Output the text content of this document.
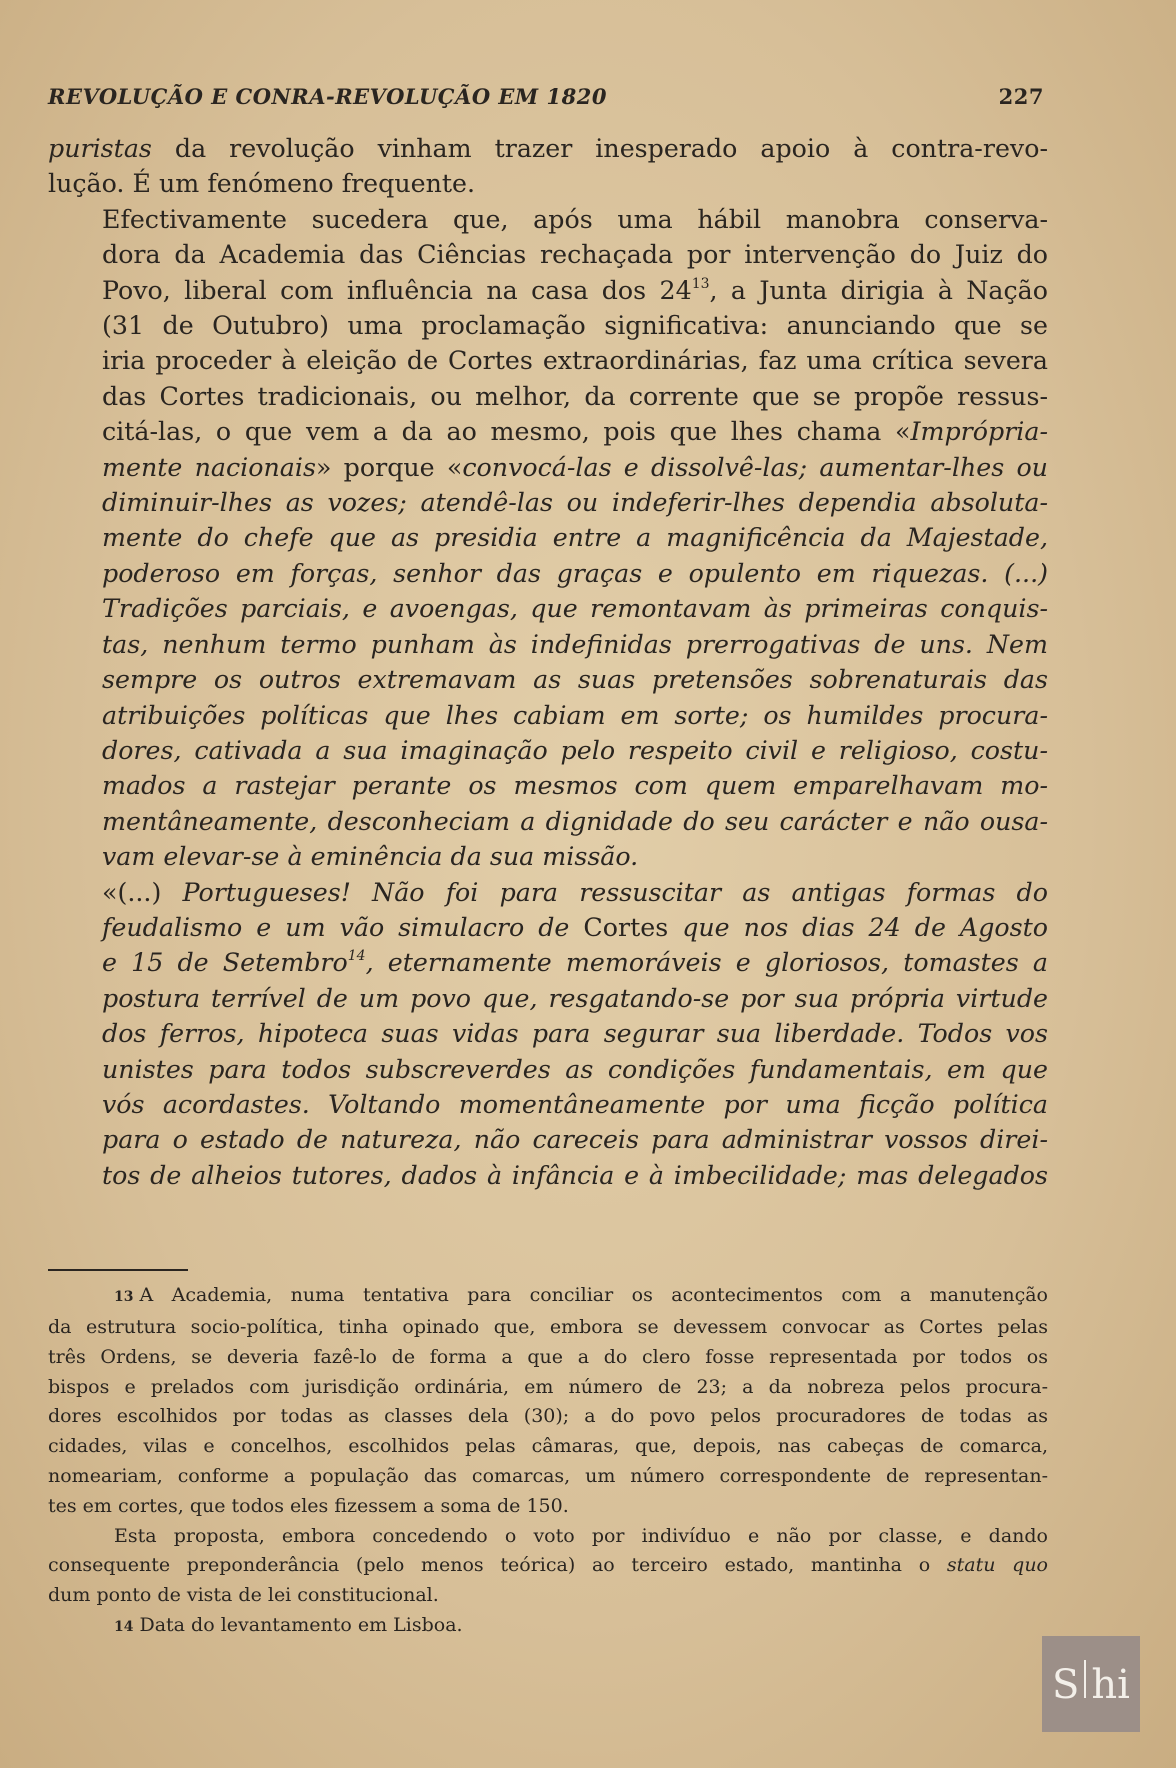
REVOLUÇÃO E CONRA-REVOLUÇÃO EM 1820	227

puristas da revolução vinham trazer inesperado apoio à contra-revo-
lução. É um fenómeno frequente.

Efectivamente sucedera que, após uma hábil manobra conserva-
dora da Academia das Ciências rechaçada por intervenção do Juiz do
Povo, liberal com influência na casa dos $24^{13}$, a Junta dirigia à Nação
(31 de Outubro) uma proclamação significativa: anunciando que se
iria proceder à eleição de Cortes extraordinárias, faz uma crítica severa
das Cortes tradicionais, ou melhor, da corrente que se propõe ressus-
citá-las, o que vem a da ao mesmo, pois que lhes chama «Imprópria-
mente nacionais» porque «convocá-las e dissolvê-las; aumentar-lhes ou
diminuir-lhes as vozes; atendê-las ou indeferir-lhes dependia absoluta-
mente do chefe que as presidia entre a magnificência da Majestade,
poderoso em forças, senhor das graças e opulento em riquezas. (...)
Tradições parciais, e avoengas, que remontavam às primeiras conquis-
tas, nenhum termo punham às indefinidas prerrogativas de uns. Nem
sempre os outros extremavam as suas pretensões sobrenaturais das
atribuições políticas que lhes cabiam em sorte; os humildes procura-
dores, cativada a sua imaginação pelo respeito civil e religioso, costu-
mados a rastejar perante os mesmos com quem emparelhavam mo-
mentâneamente, desconheciam a dignidade do seu carácter e não ousa-
vam elevar-se à eminência da sua missão.

«(...) Portugueses! Não foi para ressuscitar as antigas formas do
feudalismo e um vão simulacro de Cortes que nos dias 24 de Agosto
e 15 de Setembro$^{14}$, eternamente memoráveis e gloriosos, tomastes a
postura terrível de um povo que, resgatando-se por sua própria virtude
dos ferros, hipoteca suas vidas para segurar sua liberdade. Todos vos
unistes para todos subscreverdes as condições fundamentais, em que
vós acordastes. Voltando momentâneamente por uma ficção política
para o estado de natureza, não careceis para administrar vossos direi-
tos de alheios tutores, dados à infância e à imbecilidade; mas delegados

13 A Academia, numa tentativa para conciliar os acontecimentos com a manutenção

da estrutura socio-política, tinha opinado que, embora se devessem convocar as Cortes pelas
três Ordens, se deveria fazê-lo de forma a que a do clero fosse representada por todos os
bispos e prelados com jurisdição ordinária, em número de 23; a da nobreza pelos procura-
dores escolhidos por todas as classes dela (30); a do povo pelos procuradores de todas as
cidades, vilas e concelhos, escolhidos pelas câmaras, que, depois, nas cabeças de comarca,
nomeariam, conforme a população das comarcas, um número correspondente de representan-
tes em cortes, que todos eles fizessem a soma de 150.

Esta proposta, embora concedendo o voto por indivíduo e não por classe, e dando

consequente preponderância (pelo menos teórica) ao terceiro estado, mantinha o statu quo
dum ponto de vista de lei constitucional.

14 Data do levantamento em Lisboa.

S hi
